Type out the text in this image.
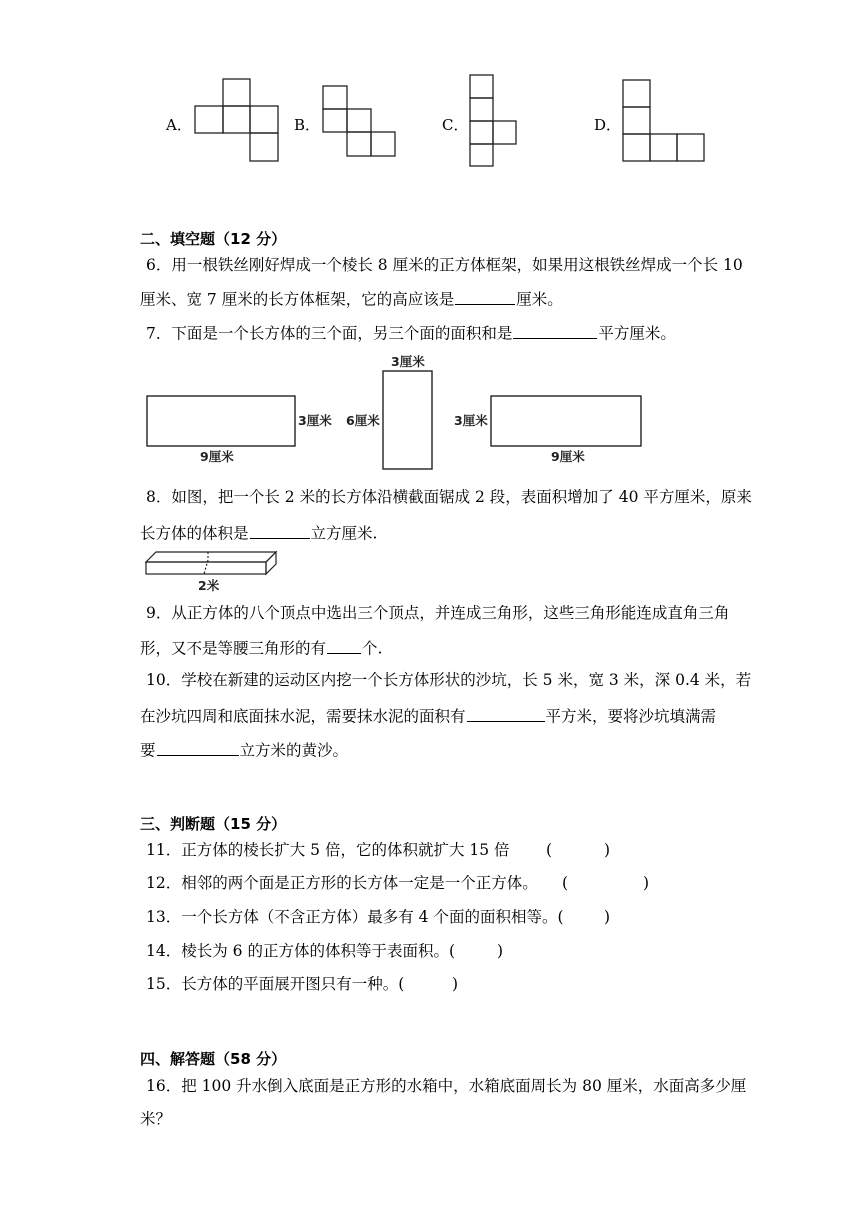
A．	B．	C．	D．
二、填空题（12 分）
6．用一根铁丝刚好焊成一个棱长 8 厘米的正方体框架，如果用这根铁丝焊成一个长 10
厘米、宽 7 厘米的长方体框架，它的高应该是	厘米。
7．下面是一个长方体的三个面，另三个面的面积和是	平方厘米。
3厘米
3厘米 6厘米	3厘米
9厘米	9厘米
8．如图，把一个长 2 米的长方体沿横截面锯成 2 段，表面积增加了 40 平方厘米，原来
长方体的体积是	立方厘米.
2米
9．从正方体的八个顶点中选出三个顶点，并连成三角形，这些三角形能连成直角三角
形，又不是等腰三角形的有 个.
10．学校在新建的运动区内挖一个长方体形状的沙坑，长 5 米，宽 3 米，深 0.4 米，若
在沙坑四周和底面抹水泥，需要抹水泥的面积有	平方米，要将沙坑填满需
要	立方米的黄沙。
三、判断题（15 分）
11．正方体的棱长扩大 5 倍，它的体积就扩大 15 倍 (	)
12．相邻的两个面是正方形的长方体一定是一个正方体。 (	)
13．一个长方体（不含正方体）最多有 4 个面的面积相等。(	)
14．棱长为 6 的正方体的体积等于表面积。(	)
15．长方体的平面展开图只有一种。(	)
四、解答题（58 分）
16．把 100 升水倒入底面是正方形的水箱中，水箱底面周长为 80 厘米，水面高多少厘
米？
